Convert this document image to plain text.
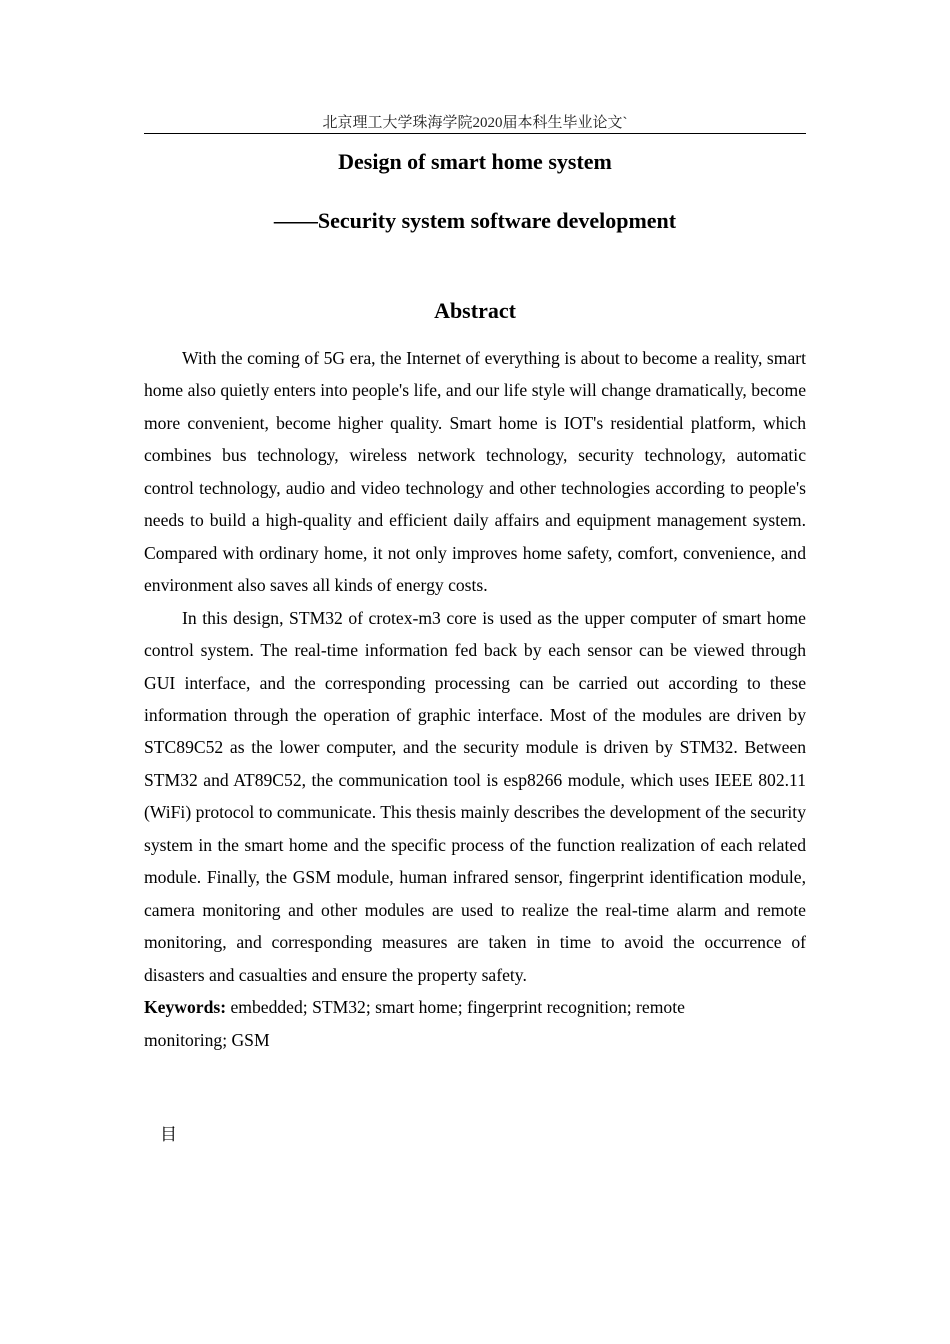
北京理工大学珠海学院2020届本科生毕业论文`
Design of smart home system
——Security system software development
Abstract

With the coming of 5G era, the Internet of everything is about to become a reality, smart home also quietly enters into people's life, and our life style will change dramatically, become more convenient, become higher quality. Smart home is IOT's residential platform, which combines bus technology, wireless network technology, security technology, automatic control technology, audio and video technology and other technologies according to people's needs to build a high-quality and efficient daily affairs and equipment management system. Compared with ordinary home, it not only improves home safety, comfort, convenience, and environment also saves all kinds of energy costs.

In this design, STM32 of crotex-m3 core is used as the upper computer of smart home control system. The real-time information fed back by each sensor can be viewed through GUI interface, and the corresponding processing can be carried out according to these information through the operation of graphic interface. Most of the modules are driven by STC89C52 as the lower computer, and the security module is driven by STM32. Between STM32 and AT89C52, the communication tool is esp8266 module, which uses IEEE 802.11 (WiFi) protocol to communicate. This thesis mainly describes the development of the security system in the smart home and the specific process of the function realization of each related module. Finally, the GSM module, human infrared sensor, fingerprint identification module, camera monitoring and other modules are used to realize the real-time alarm and remote monitoring, and corresponding measures are taken in time to avoid the occurrence of disasters and casualties and ensure the property safety.

Keywords: embedded; STM32; smart home; fingerprint recognition; remote
monitoring; GSM

目
